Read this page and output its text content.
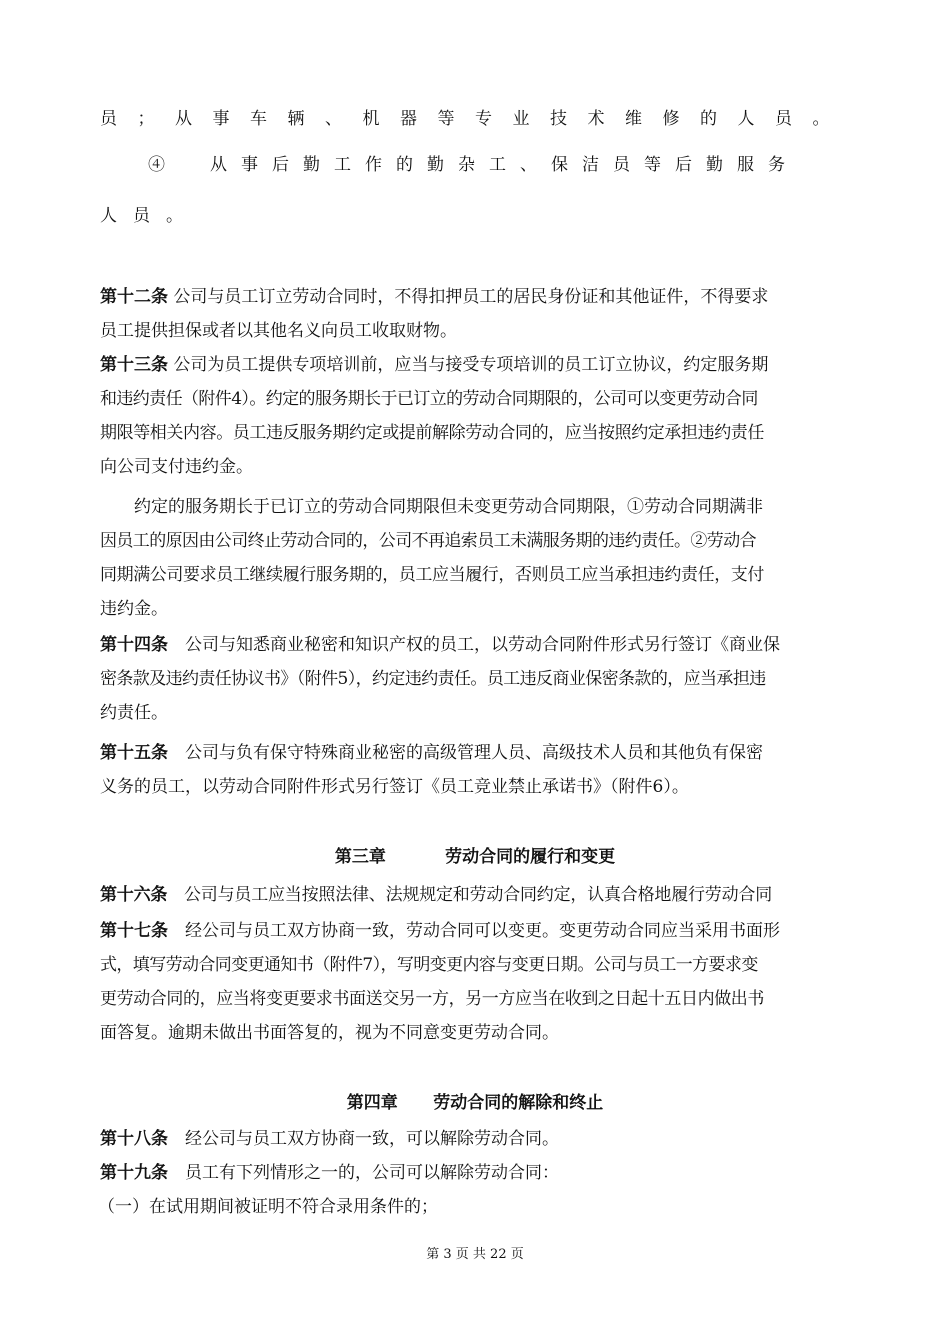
员；从事车辆、机器等专业技术维修的人员。
④　从事后勤工作的勤杂工、保洁员等后勤服务
人员。
第十二条 公司与员工订立劳动合同时，不得扣押员工的居民身份证和其他证件，不得要求
员工提供担保或者以其他名义向员工收取财物。
第十三条 公司为员工提供专项培训前，应当与接受专项培训的员工订立协议，约定服务期
和违约责任（附件4）。约定的服务期长于已订立的劳动合同期限的，公司可以变更劳动合同
期限等相关内容。员工违反服务期约定或提前解除劳动合同的，应当按照约定承担违约责任
向公司支付违约金。
约定的服务期长于已订立的劳动合同期限但未变更劳动合同期限，①劳动合同期满非
因员工的原因由公司终止劳动合同的，公司不再追索员工未满服务期的违约责任。②劳动合
同期满公司要求员工继续履行服务期的，员工应当履行，否则员工应当承担违约责任，支付
违约金。
第十四条　公司与知悉商业秘密和知识产权的员工，以劳动合同附件形式另行签订《商业保
密条款及违约责任协议书》（附件5），约定违约责任。员工违反商业保密条款的，应当承担违
约责任。
第十五条　公司与负有保守特殊商业秘密的高级管理人员、高级技术人员和其他负有保密
义务的员工，以劳动合同附件形式另行签订《员工竞业禁止承诺书》（附件6）。
第三章          劳动合同的履行和变更
第十六条　公司与员工应当按照法律、法规规定和劳动合同约定，认真合格地履行劳动合同
第十七条　经公司与员工双方协商一致，劳动合同可以变更。变更劳动合同应当采用书面形
式，填写劳动合同变更通知书（附件7），写明变更内容与变更日期。公司与员工一方要求变
更劳动合同的，应当将变更要求书面送交另一方，另一方应当在收到之日起十五日内做出书
面答复。逾期未做出书面答复的，视为不同意变更劳动合同。
第四章      劳动合同的解除和终止
第十八条　经公司与员工双方协商一致，可以解除劳动合同。
第十九条　员工有下列情形之一的，公司可以解除劳动合同：
（一）在试用期间被证明不符合录用条件的；
第 3 页 共 22 页
